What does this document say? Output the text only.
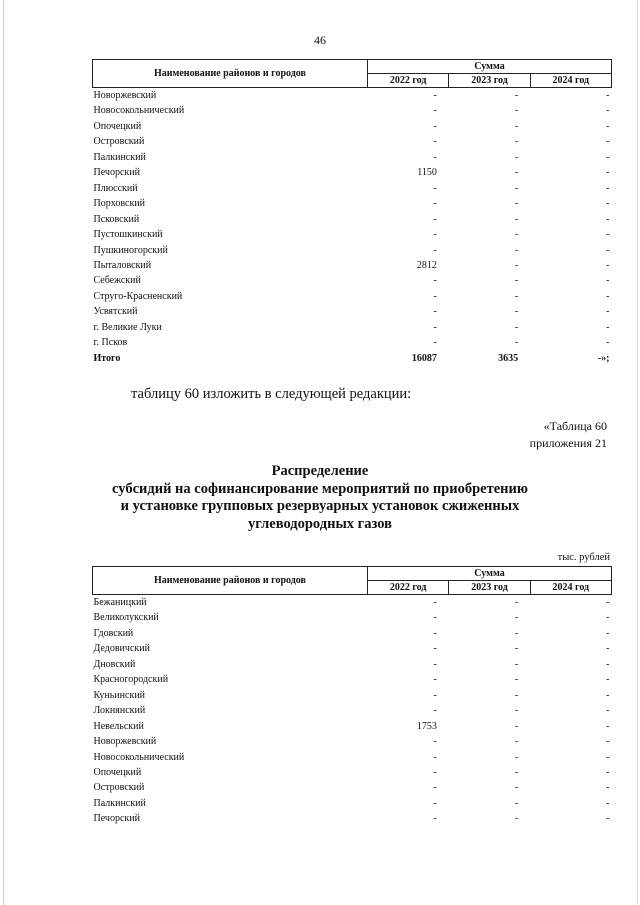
46
Наименование районов и городов	Сумма		
	2022 год	2023 год	2024 год
Новоржевский	-	-	-
Новосокольнический	-	-	-
Опочецкий	-	-	-
Островский	-	-	-
Палкинский	-	-	-
Печорский	1150	-	-
Плюсский	-	-	-
Порховский	-	-	-
Псковский	-	-	-
Пустошкинский	-	-	-
Пушкиногорский	-	-	-
Пыталовский	2812	-	-
Себежский	-	-	-
Струго-Красненский	-	-	-
Усвятский	-	-	-
г. Великие Луки	-	-	-
г. Псков	-	-	-
Итого	16087	3635	-»;
таблицу 60 изложить в следующей редакции:
«Таблица 60
приложения 21
Распределение
субсидий на софинансирование мероприятий по приобретению
и установке групповых резервуарных установок сжиженных
углеводородных газов
тыс. рублей
Наименование районов и городов	Сумма		
	2022 год	2023 год	2024 год
Бежаницкий	-	-	-
Великолукский	-	-	-
Гдовский	-	-	-
Дедовичский	-	-	-
Дновский	-	-	-
Красногородский	-	-	-
Куньинский	-	-	-
Локнянский	-	-	-
Невельский	1753	-	-
Новоржевский	-	-	-
Новосокольнический	-	-	-
Опочецкий	-	-	-
Островский	-	-	-
Палкинский	-	-	-
Печорский	-	-	-
